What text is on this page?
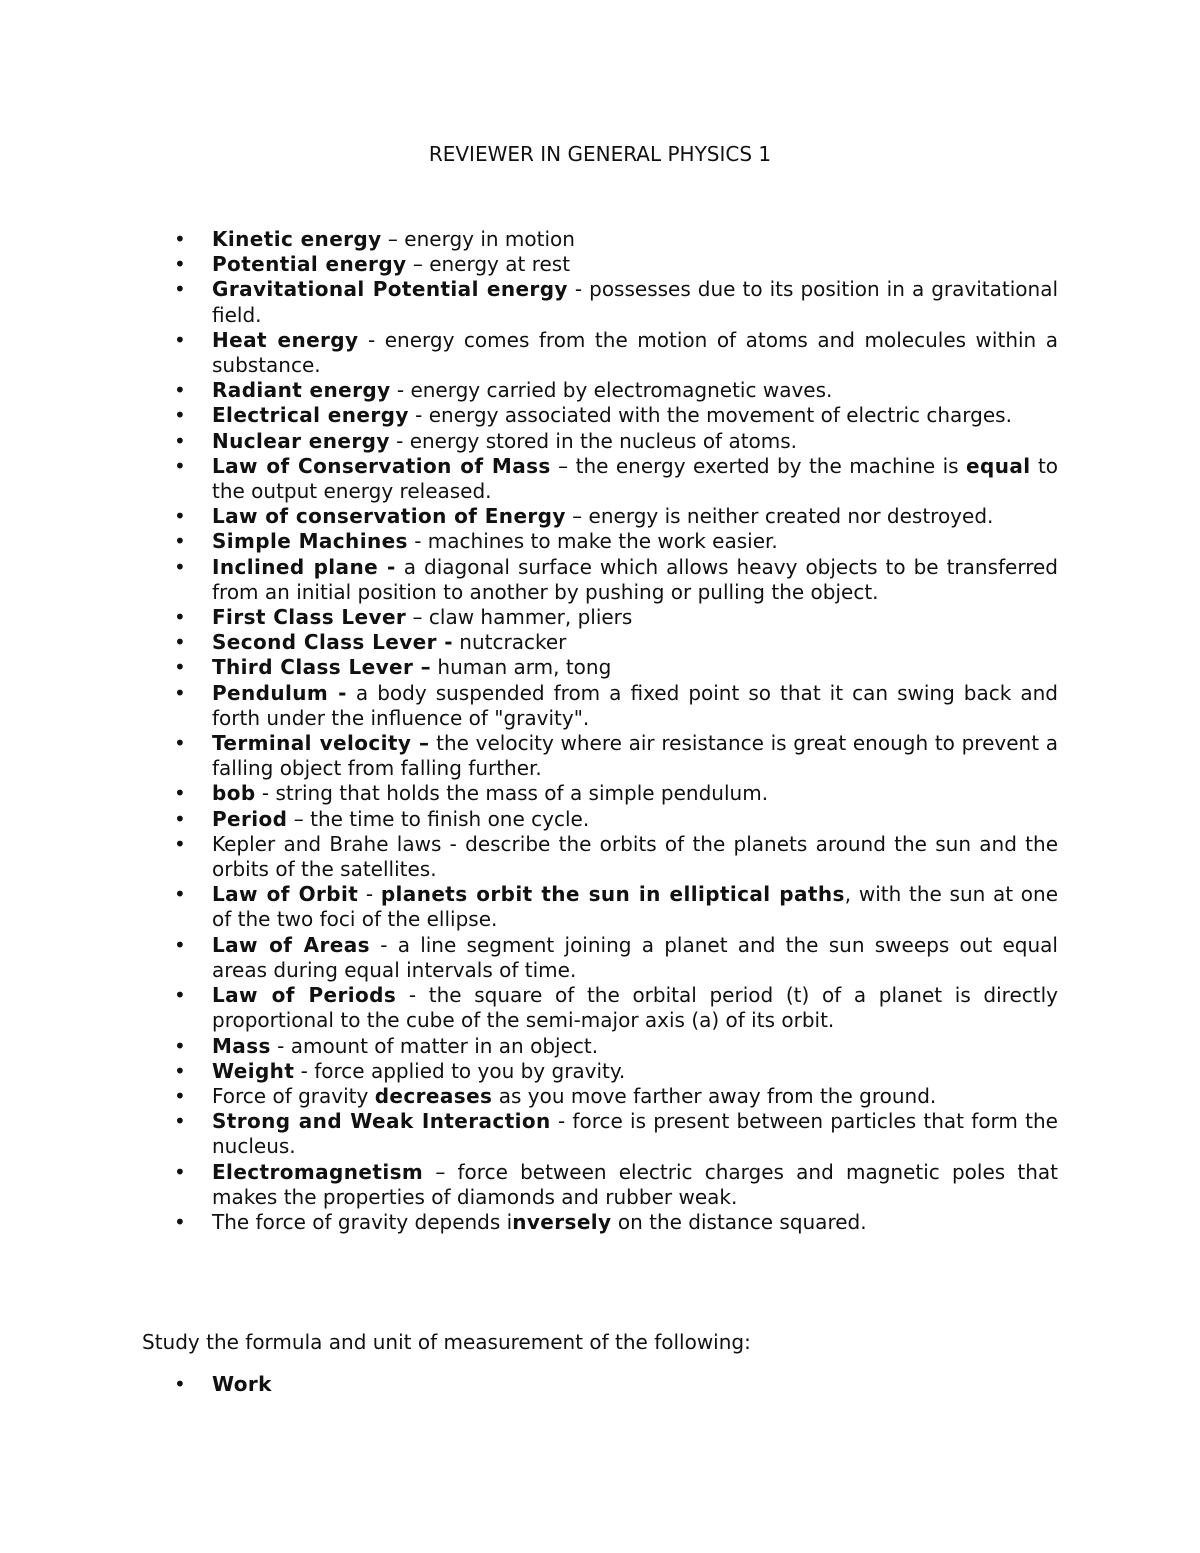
REVIEWER IN GENERAL PHYSICS 1
• Kinetic energy – energy in motion
• Potential energy – energy at rest
• Gravitational Potential energy - possesses due to its position in a gravitational field.
• Heat energy - energy comes from the motion of atoms and molecules within a substance.
• Radiant energy - energy carried by electromagnetic waves.
• Electrical energy - energy associated with the movement of electric charges.
• Nuclear energy - energy stored in the nucleus of atoms.
• Law of Conservation of Mass – the energy exerted by the machine is equal to the output energy released.
• Law of conservation of Energy – energy is neither created nor destroyed.
• Simple Machines - machines to make the work easier.
• Inclined plane - a diagonal surface which allows heavy objects to be transferred from an initial position to another by pushing or pulling the object.
• First Class Lever – claw hammer, pliers
• Second Class Lever - nutcracker
• Third Class Lever – human arm, tong
• Pendulum - a body suspended from a fixed point so that it can swing back and forth under the influence of "gravity".
• Terminal velocity – the velocity where air resistance is great enough to prevent a falling object from falling further.
• bob - string that holds the mass of a simple pendulum.
• Period – the time to finish one cycle.
• Kepler and Brahe laws - describe the orbits of the planets around the sun and the orbits of the satellites.
• Law of Orbit - planets orbit the sun in elliptical paths, with the sun at one of the two foci of the ellipse.
• Law of Areas - a line segment joining a planet and the sun sweeps out equal areas during equal intervals of time.
• Law of Periods - the square of the orbital period (t) of a planet is directly proportional to the cube of the semi-major axis (a) of its orbit.
• Mass - amount of matter in an object.
• Weight - force applied to you by gravity.
• Force of gravity decreases as you move farther away from the ground.
• Strong and Weak Interaction - force is present between particles that form the nucleus.
• Electromagnetism – force between electric charges and magnetic poles that makes the properties of diamonds and rubber weak.
• The force of gravity depends inversely on the distance squared.
Study the formula and unit of measurement of the following:
• Work
